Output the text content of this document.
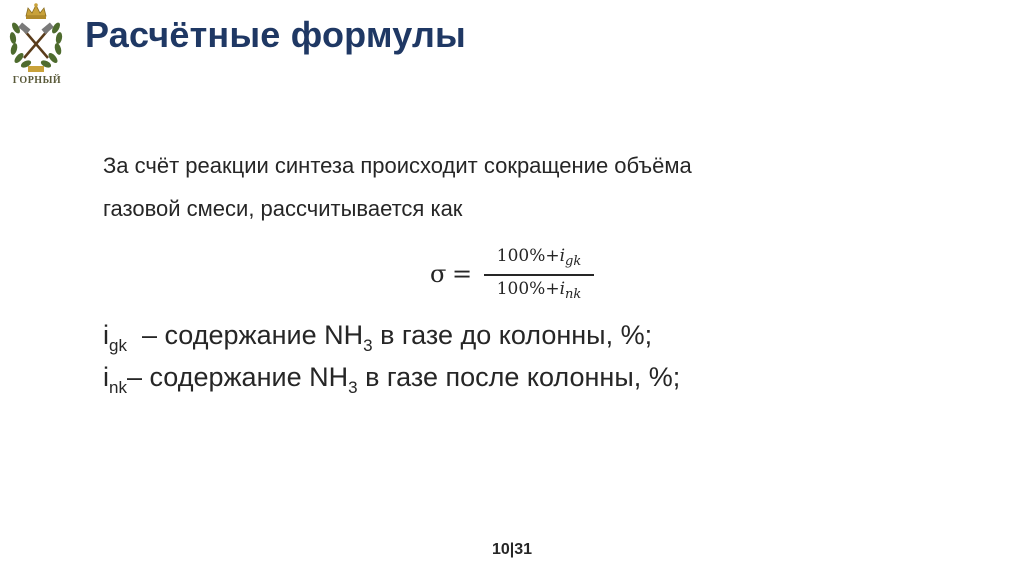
ГОРНЫЙ
Расчётные формулы
За счёт реакции синтеза происходит сокращение объёма
газовой смеси, рассчитывается как
σ =
$100\%+i_{gk}$
$100\%+i_{nk}$
$i_{gk}$  – содержание $NH_3$ в газе до колонны, %;
$i_{nk}-$ содержание $NH_3$ в газе после колонны, %;
10|31
